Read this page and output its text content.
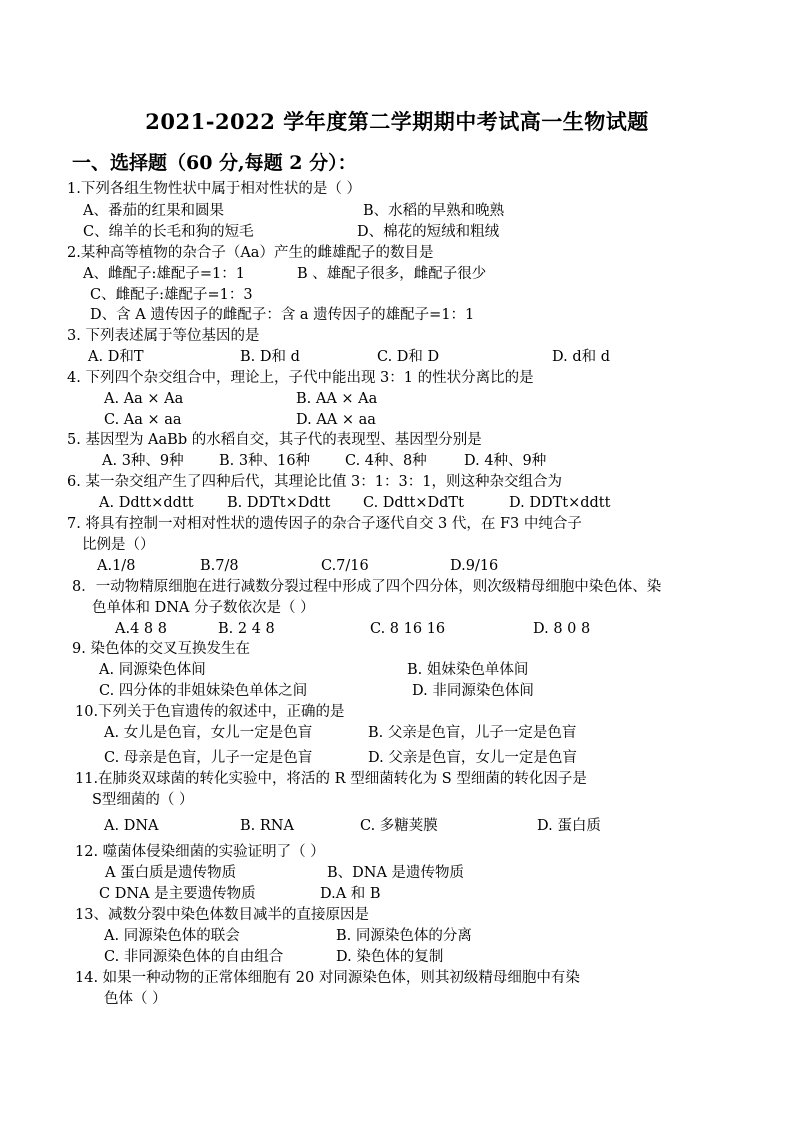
2021-2022 学年度第二学期期中考试高一生物试题
一、选择题（60 分,每题 2 分）：
1.下列各组生物性状中属于相对性状的是（ ）
A、番茄的红果和圆果	B、水稻的早熟和晚熟
C、绵羊的长毛和狗的短毛	D、棉花的短绒和粗绒
2.某种高等植物的杂合子（Aa）产生的雌雄配子的数目是
A、雌配子:雄配子=1：1	B 、雄配子很多，雌配子很少
C、雌配子:雄配子=1：3
D、含 A 遗传因子的雌配子：含 a 遗传因子的雄配子=1：1
3. 下列表述属于等位基因的是
A. D和T	B. D和 d	C. D和 D	D. d和 d
4. 下列四个杂交组合中，理论上，子代中能出现 3：1 的性状分离比的是
A. Aa × Aa	B. AA × Aa
C. Aa × aa	D. AA × aa
5. 基因型为 AaBb 的水稻自交，其子代的表现型、基因型分别是
A. 3种、9种 B. 3种、16种 C. 4种、8种	D. 4种、9种
6. 某一杂交组产生了四种后代，其理论比值 3：1：3：1，则这种杂交组合为
A. Ddtt×ddtt B. DDTt×Ddtt C. Ddtt×DdTt	D. DDTt×ddtt
7. 将具有控制一对相对性状的遗传因子的杂合子逐代自交 3 代，在 F3 中纯合子
比例是（）
A.1/8	B.7/8	C.7/16	D.9/16
8．一动物精原细胞在进行减数分裂过程中形成了四个四分体，则次级精母细胞中染色体、染
色单体和 DNA 分子数依次是（ ）
A.4 8 8	B. 2 4 8	C. 8 16 16	D. 8 0 8
9. 染色体的交叉互换发生在
A. 同源染色体间	B. 姐妹染色单体间
C. 四分体的非姐妹染色单体之间	D. 非同源染色体间
10.下列关于色盲遗传的叙述中，正确的是
A. 女儿是色盲，女儿一定是色盲	B. 父亲是色盲，儿子一定是色盲
C. 母亲是色盲，儿子一定是色盲	D. 父亲是色盲，女儿一定是色盲
11.在肺炎双球菌的转化实验中，将活的 R 型细菌转化为 S 型细菌的转化因子是
S型细菌的（ ）
A. DNA	B. RNA	C. 多糖荚膜	D. 蛋白质
12. 噬菌体侵染细菌的实验证明了（ ）
A 蛋白质是遗传物质	B、DNA 是遗传物质
C DNA 是主要遗传物质	D.A 和 B
13、减数分裂中染色体数目减半的直接原因是
A. 同源染色体的联会	B. 同源染色体的分离
C. 非同源染色体的自由组合	D. 染色体的复制
14. 如果一种动物的正常体细胞有 20 对同源染色体，则其初级精母细胞中有染
色体（ ）
